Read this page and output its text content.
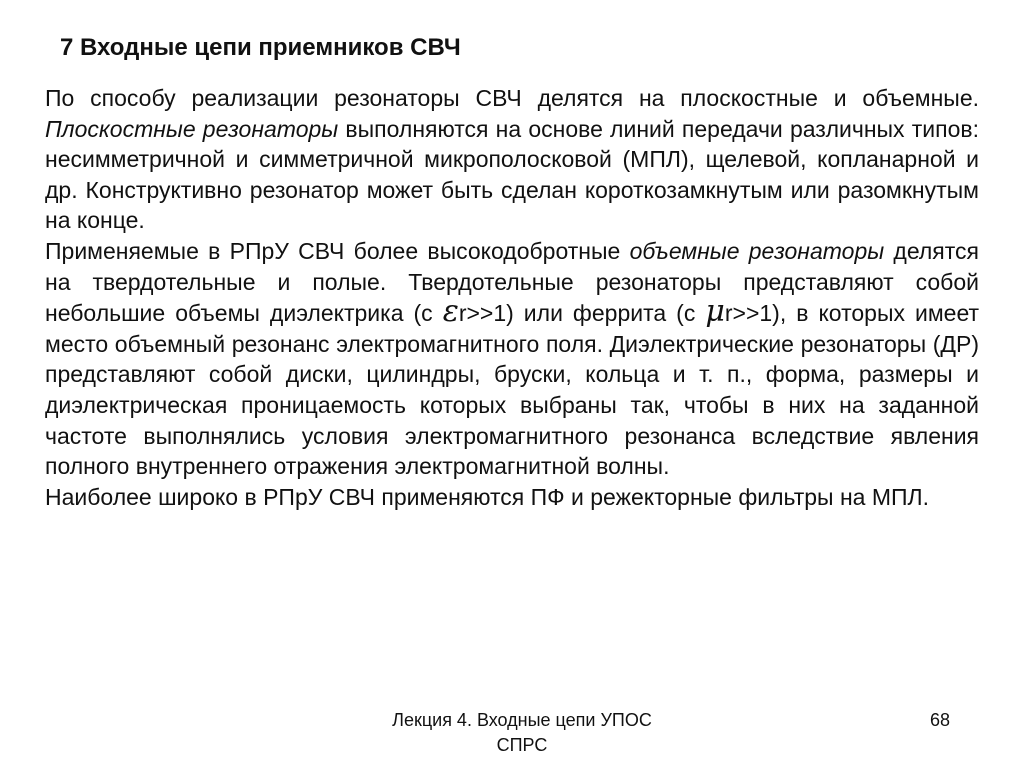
7 Входные цепи приемников СВЧ

По способу реализации резонаторы СВЧ делятся на плоскостные и объемные. Плоскостные резонаторы выполняются на основе линий передачи различных типов: несимметричной и симметричной микрополосковой (МПЛ), щелевой, копланарной и др. Конструктивно резонатор может быть сделан короткозамкнутым или разомкнутым на конце.

Применяемые в РПрУ СВЧ более высокодобротные объемные резонаторы делятся на твердотельные и полые. Твердотельные резонаторы представляют собой небольшие объемы диэлектрика (с εr>>1) или феррита (с μr>>1), в которых имеет место объемный резонанс электромагнитного поля. Диэлектрические резонаторы (ДР) представляют собой диски, цилиндры, бруски, кольца и т. п., форма, размеры и диэлектрическая проницаемость которых выбраны так, чтобы в них на заданной частоте выполнялись условия электромагнитного резонанса вследствие явления полного внутреннего отражения электромагнитной волны.

Наиболее широко в РПрУ СВЧ применяются ПФ и режекторные фильтры на МПЛ.

Лекция 4. Входные цепи УПОС
СПРС
68
